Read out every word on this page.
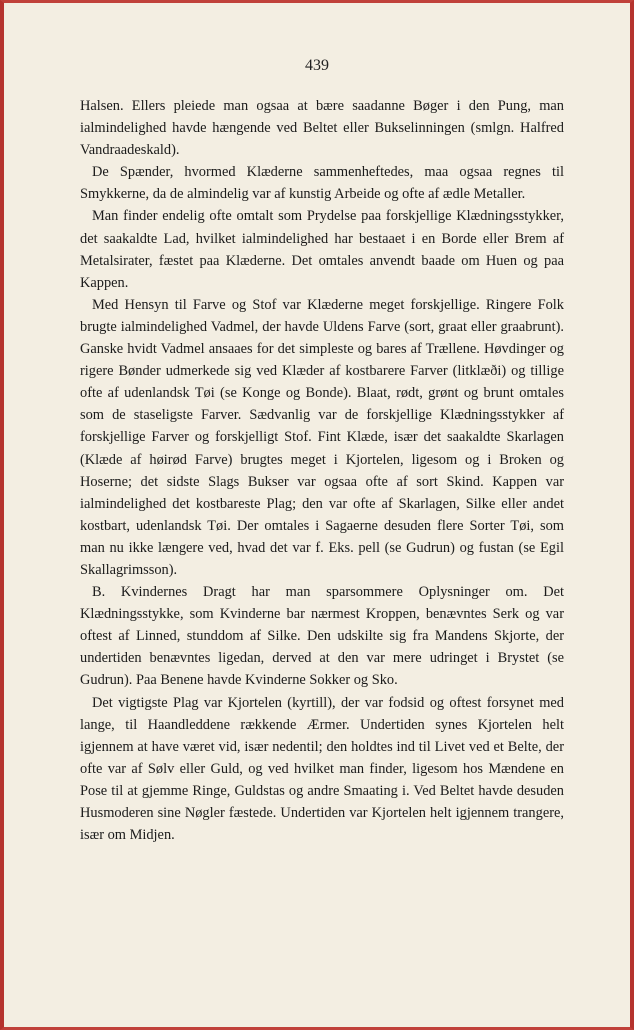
439

Halsen. Ellers pleiede man ogsaa at bære saadanne Bøger i den Pung, man ialmindelighed havde hængende ved Beltet eller Bukselinningen (smlgn. Halfred Vandraadeskald).

De Spænder, hvormed Klæderne sammenheftedes, maa ogsaa regnes til Smykkerne, da de almindelig var af kunstig Arbeide og ofte af ædle Metaller.

Man finder endelig ofte omtalt som Prydelse paa forskjellige Klædningsstykker, det saakaldte Lad, hvilket ialmindelighed har bestaaet i en Borde eller Brem af Metalsirater, fæstet paa Klæderne. Det omtales anvendt baade om Huen og paa Kappen.

Med Hensyn til Farve og Stof var Klæderne meget forskjellige. Ringere Folk brugte ialmindelighed Vadmel, der havde Uldens Farve (sort, graat eller graabrunt). Ganske hvidt Vadmel ansaaes for det simpleste og bares af Trællene. Høvdinger og rigere Bønder udmerkede sig ved Klæder af kostbarere Farver (litklæði) og tillige ofte af udenlandsk Tøi (se Konge og Bonde). Blaat, rødt, grønt og brunt omtales som de staseligste Farver. Sædvanlig var de forskjellige Klædningsstykker af forskjellige Farver og forskjelligt Stof. Fint Klæde, især det saakaldte Skarlagen (Klæde af høirød Farve) brugtes meget i Kjortelen, ligesom og i Broken og Hoserne; det sidste Slags Bukser var ogsaa ofte af sort Skind. Kappen var ialmindelighed det kostbareste Plag; den var ofte af Skarlagen, Silke eller andet kostbart, udenlandsk Tøi. Der omtales i Sagaerne desuden flere Sorter Tøi, som man nu ikke længere ved, hvad det var f. Eks. pell (se Gudrun) og fustan (se Egil Skallagrimsson).

B. Kvindernes Dragt har man sparsommere Oplysninger om. Det Klædningsstykke, som Kvinderne bar nærmest Kroppen, benævntes Serk og var oftest af Linned, stunddom af Silke. Den udskilte sig fra Mandens Skjorte, der undertiden benævntes ligedan, derved at den var mere udringet i Brystet (se Gudrun). Paa Benene havde Kvinderne Sokker og Sko.

Det vigtigste Plag var Kjortelen (kyrtill), der var fodsid og oftest forsynet med lange, til Haandleddene rækkende Ærmer. Undertiden synes Kjortelen helt igjennem at have været vid, især nedentil; den holdtes ind til Livet ved et Belte, der ofte var af Sølv eller Guld, og ved hvilket man finder, ligesom hos Mændene en Pose til at gjemme Ringe, Guldstas og andre Smaating i. Ved Beltet havde desuden Husmoderen sine Nøgler fæstede. Undertiden var Kjortelen helt igjennem trangere, især om Midjen.
